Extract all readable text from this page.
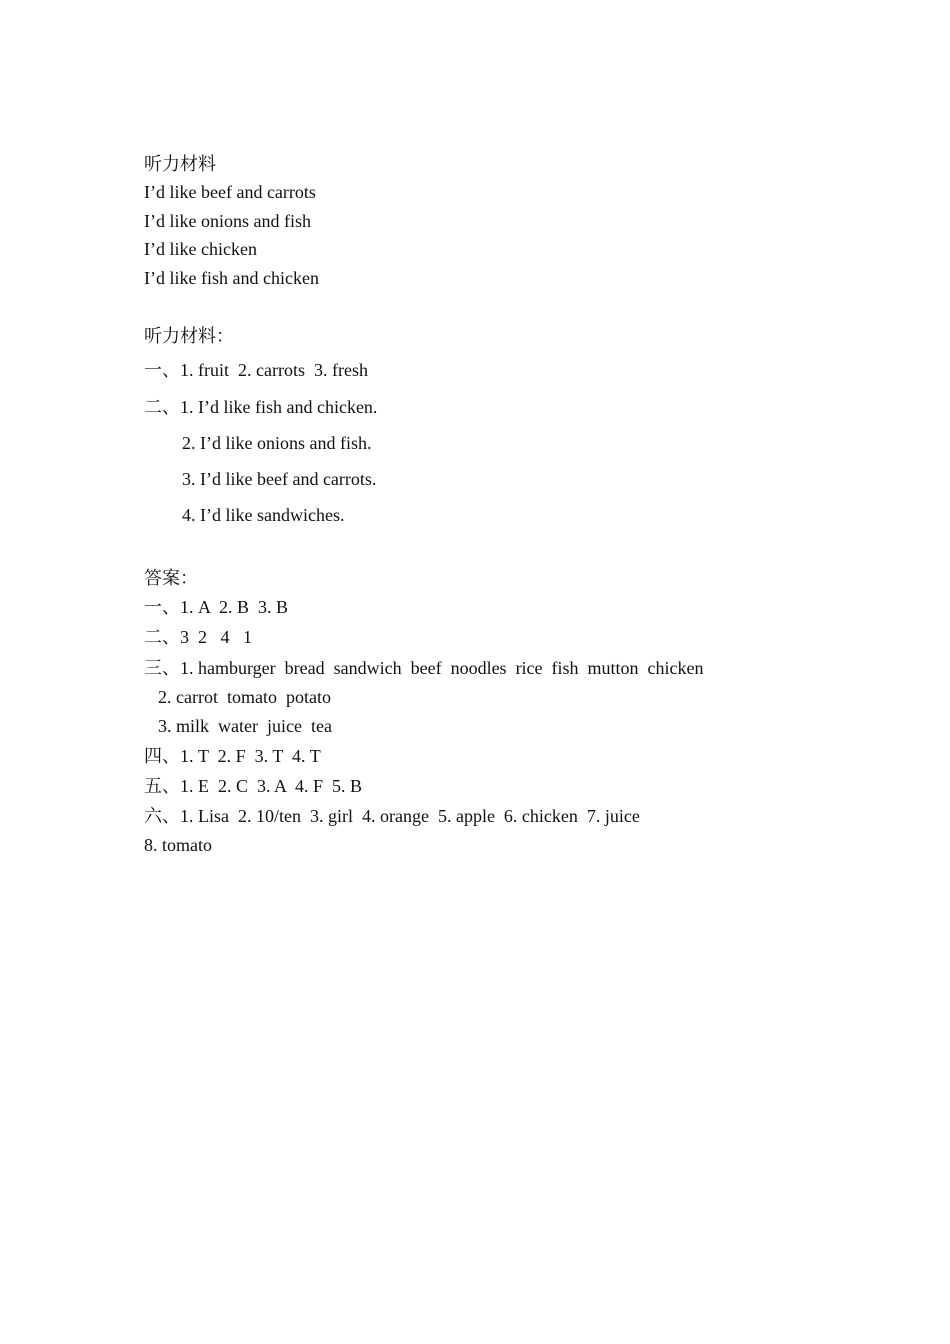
听力材料
I’d like beef and carrots
I’d like onions and fish
I’d like chicken
I’d like fish and chicken
听力材料：
一、1. fruit  2. carrots  3. fresh
二、1. I’d like fish and chicken.
2. I’d like onions and fish.
3. I’d like beef and carrots.
4. I’d like sandwiches.
答案：
一、1. A  2. B  3. B
二、3  2   4   1
三、1. hamburger  bread  sandwich  beef  noodles  rice  fish  mutton  chicken
2. carrot  tomato  potato
3. milk  water  juice  tea
四、1. T  2. F  3. T  4. T
五、1. E  2. C  3. A  4. F  5. B
六、1. Lisa  2. 10/ten  3. girl  4. orange  5. apple  6. chicken  7. juice
8. tomato
